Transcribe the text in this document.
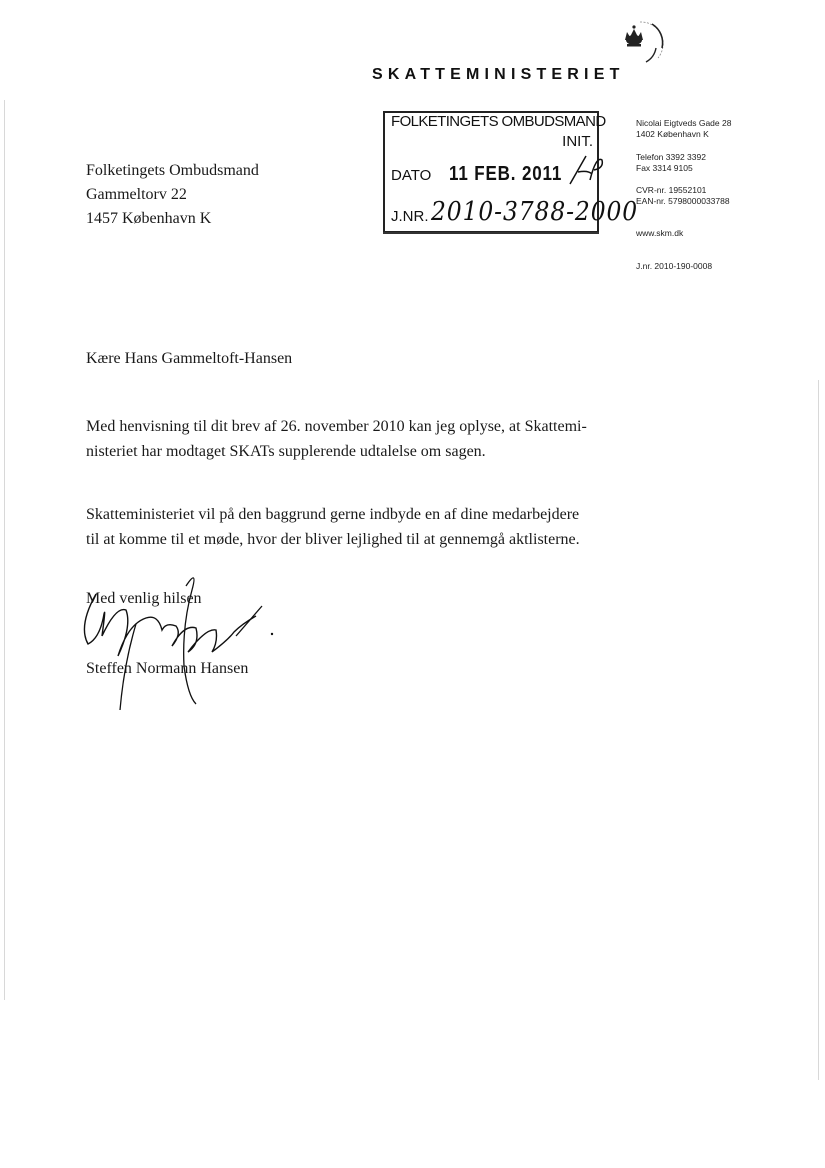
SKATTEMINISTERIET
Folketingets Ombudsmand
Gammeltorv 22
1457 København K
FOLKETINGETS OMBUDSMAND
INIT.
DATO 11 FEB. 2011
J.NR. 2010-3788-2000
Nicolai Eigtveds Gade 28
1402 København K
Telefon 3392 3392
Fax 3314 9105
CVR-nr. 19552101
EAN-nr. 5798000033788
www.skm.dk
J.nr. 2010-190-0008
Kære Hans Gammeltoft-Hansen
Med henvisning til dit brev af 26. november 2010 kan jeg oplyse, at Skattemi-
nisteriet har modtaget SKATs supplerende udtalelse om sagen.
Skatteministeriet vil på den baggrund gerne indbyde en af dine medarbejdere
til at komme til et møde, hvor der bliver lejlighed til at gennemgå aktlisterne.
Med venlig hilsen
Steffen Normann Hansen
